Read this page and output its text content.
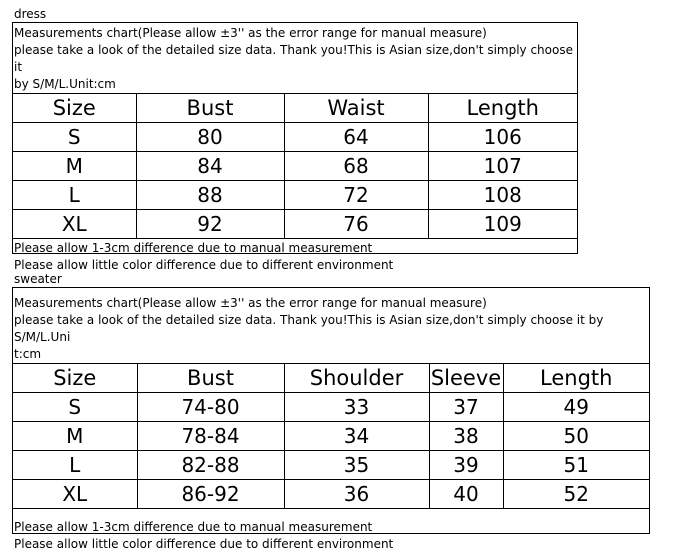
dress
Measurements chart(Please allow ±3'' as the error range for manual measure)
please take a look of the detailed size data. Thank you!This is Asian size,don't simply choose it
by S/M/L.Unit:cm
Size	Bust	Waist	Length
S	80	64	106
M	84	68	107
L	88	72	108
XL	92	76	109
Please allow 1-3cm difference due to manual measurement
Please allow little color difference due to different environment
sweater
Measurements chart(Please allow ±3'' as the error range for manual measure)
please take a look of the detailed size data. Thank you!This is Asian size,don't simply choose it by S/M/L.Uni
t:cm
Size	Bust	Shoulder	Sleeve	Length
S	74-80	33	37	49
M	78-84	34	38	50
L	82-88	35	39	51
XL	86-92	36	40	52
Please allow 1-3cm difference due to manual measurement
Please allow little color difference due to different environment
